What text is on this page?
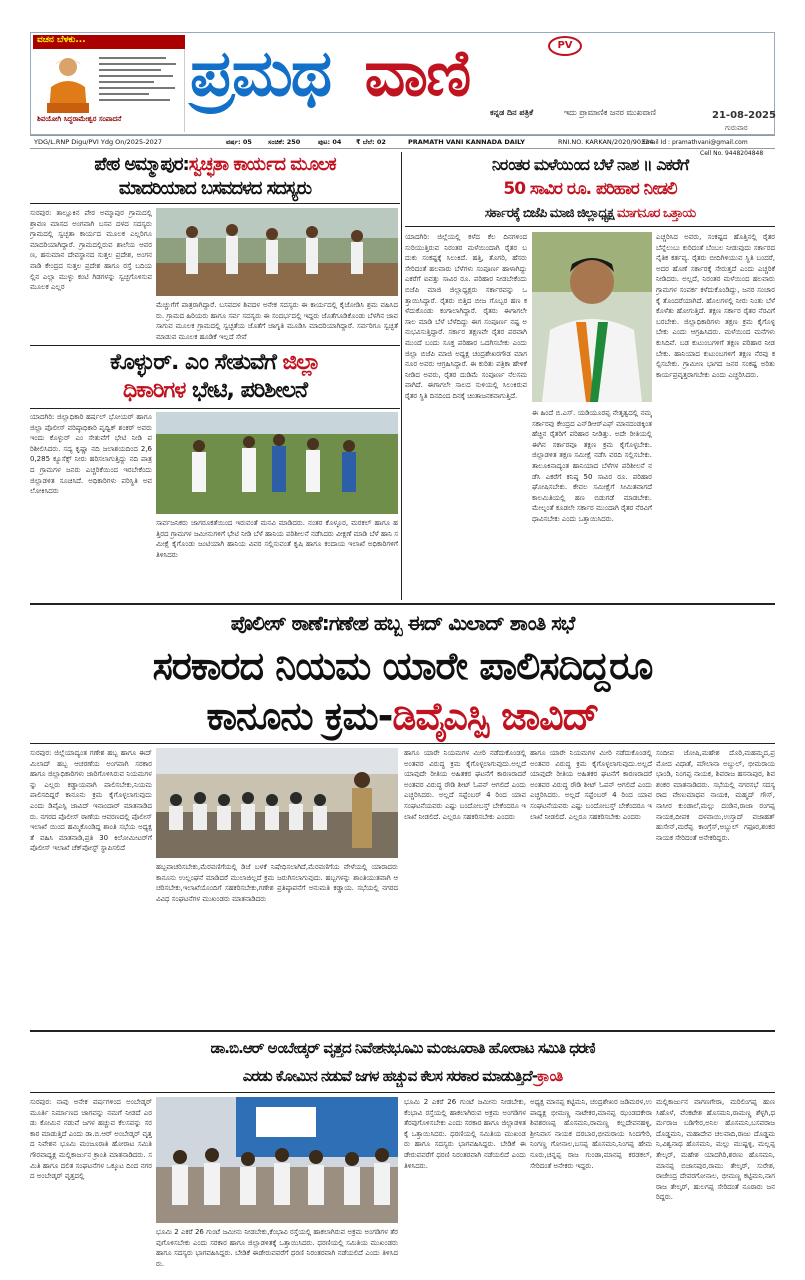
ವಚನ ಬೆಳಕು...
ಶಿವಯೋಗಿ ಸಿದ್ಧರಾಮೇಶ್ವರ ಸಂಪಾದನೆ
ಪ್ರಮಥ ವಾಣಿ	PV
ಕನ್ನಡ ದಿನ ಪತ್ರಿಕೆ	ಇದು ಪ್ರಾಮಾಣಿಕ ಜನರ ಮುಖವಾಣಿ	21-08-2025
ಗುರುವಾರ
YDG/L.RNP Digu/PVI Ydg On/2025-2027	ವರ್ಷ: 05 ಸಂಚಿಕೆ: 250	ಪುಟ: 04 ₹ ಬೆಲೆ: 02	PRAMATH VANI KANNADA DAILY	RNI.NO. KARKAN/2020/90324
Email Id : pramathvani@gmail.com
Cell No. 9448204848
ಪೇಠ ಅಮ್ಮಾಪುರ:ಸ್ವಚ್ಛತಾ ಕಾರ್ಯದ ಮೂಲಕ
ಮಾದರಿಯಾದ ಬಸವದಳದ ಸದಸ್ಯರು
ಸುರಪುರ: ತಾಲ್ಲೂಕಿನ ಪೇಠ ಅಮ್ಮಾಪುರ ಗ್ರಾಮದಲ್ಲಿ ಶ್ರಾವಣ ಮಾಸದ ಅಂಗವಾಗಿ ಬಸವ ದಳದ ಸದಸ್ಯರು ಗ್ರಾಮದಲ್ಲಿ ಸ್ವಚ್ಛತಾ ಕಾರ್ಯದ ಮೂಲಕ ಎಲ್ಲರಿಗೂ ಮಾದರಿಯಾಗಿದ್ದಾರೆ. ಗ್ರಾಮದಲ್ಲಿರುವ ಶಾಲೆಯ ಆವರಣ, ಹನುಮಾನ ದೇವಸ್ಥಾನದ ಸುತ್ತಲ ಪ್ರದೇಶ, ಅಂಗನವಾಡಿ ಕೇಂದ್ರದ ಸುತ್ತಲ ಪ್ರದೇಶ ಹಾಗೂ ರಸ್ತೆ ಬದಿಯಲ್ಲಿನ ಎಲ್ಲಾ ಮುಳ್ಳು ಕಂಟಿ ಗಿಡಗಳನ್ನು ಸ್ವಚ್ಛಗೊಳಿಸುವ ಮೂಲಕ ಎಲ್ಲರ
ಮೆಚ್ಚುಗೆಗೆ ಪಾತ್ರರಾಗಿದ್ದಾರೆ. ಬಸವದಳ ಶಿವದಳ ಅನೇಕ ಸದಸ್ಯರು ಈ ಕಾರ್ಯದಲ್ಲಿ ಕೈಜೋಡಿಸಿ ಶ್ರಮ ವಹಿಸಿದರು. ಗ್ರಾಮದ ಹಿರಿಯರು ಹಾಗೂ ಸರ್ವ ಸದಸ್ಯರು ಈ ಸಂದರ್ಭದಲ್ಲಿ ಇದ್ದರು ಜೊತೆಗೂಡಿಕೊಂಡು ಬೆಳಗಿನ ಜಾವ ಸಾಗುವ ಮೂಲಕ ಗ್ರಾಮದಲ್ಲಿ ಸ್ವಚ್ಛತೆಯ ಜೊತೆಗೆ ಜಾಗೃತಿ ಮೂಡಿಸಿ ಮಾದರಿಯಾಗಿದ್ದಾರೆ. ಸರ್ವರಿಗೂ ಸ್ವಚ್ಛತೆ ಮಾಡುವ ಮೂಲಕ ಹೂಡಿಕೆ ಇಲ್ಲದೆ ಸೇವೆ
ಕೊಳ್ಳುರ್. ಎಂ ಸೇತುವೆಗೆ ಜಿಲ್ಲಾ
ಧಿಕಾರಿಗಳ ಭೇಟಿ, ಪರಿಶೀಲನೆ
ಯಾದಗಿರಿ: ಜಿಲ್ಲಾಧಿಕಾರಿ ಹರ್ಷಲ್ ಭೋಯರ್ ಹಾಗೂ ಜಿಲ್ಲಾ ಪೊಲೀಸ್ ವರಿಷ್ಠಾಧಿಕಾರಿ ಪೃಥ್ವಿಕ್ ಶಂಕರ್ ಅವರು ಇಂದು ಕೊಳ್ಳುರ್ ಎಂ ಸೇತುವೆಗೆ ಭೇಟಿ ನೀಡಿ ಪರಿಶೀಲಿಸಿದರು. ಸದ್ಯ ಕೃಷ್ಣಾ ನದಿ ಜಲಾಶಯದಿಂದ 2,60,285 ಕ್ಯೂಸೆಕ್ಸ್ ನೀರು ಹರಿಸಲಾಗುತ್ತಿದ್ದು ನದಿ ಪಾತ್ರದ ಗ್ರಾಮಗಳ ಜನರು ಎಚ್ಚರಿಕೆಯಿಂದ ಇರಬೇಕೆಂದು ಜಿಲ್ಲಾಡಳಿತ ಸೂಚಿಸಿದೆ. ಅಧಿಕಾರಿಗಳು ಪರಿಸ್ಥಿತಿ ಅವಲೋಕಿಸಿದರು
ಸಾರ್ವಜನಿಕರು ಜಾಗರೂಕತೆಯಿಂದ ಇರುವಂತೆ ಮನವಿ ಮಾಡಿದರು. ನಂತರ ಕೊಳ್ಳೂರ, ಮರಕಲ್ ಹಾಗೂ ಹತ್ತಿರದ ಗ್ರಾಮಗಳ ಜಮೀನುಗಳಿಗೆ ಭೇಟಿ ನೀಡಿ ಬೆಳೆ ಹಾನಿಯ ಪರಿಶೀಲನೆ ನಡೆಸಿದರು ವೀಕ್ಷಣೆ ಮಾಡಿ ಬೆಳೆ ಹಾನಿ ಸಮೀಕ್ಷೆ ಕೈಗೊಂಡು ಜಂಟಿಯಾಗಿ ಹಾನಿಯ ವಿವರ ಸಲ್ಲಿಸುವಂತೆ ಕೃಷಿ ಹಾಗೂ ಕಂದಾಯ ಇಲಾಖೆ ಅಧಿಕಾರಿಗಳಿಗೆ ತಿಳಿಸಿದರು
ನಿರಂತರ ಮಳೆಯಿಂದ ಬೆಳೆ ನಾಶ ॥ ಎಕರೆಗೆ
50 ಸಾವಿರ ರೂ. ಪರಿಹಾರ ನೀಡಲಿ
ಸರ್ಕಾರಕ್ಕೆ ಬಿಜೆಪಿ ಮಾಜಿ ಜಿಲ್ಲಾಧ್ಯಕ್ಷ ಮಾಗನೂರ ಒತ್ತಾಯ
ಯಾದಗಿರಿ: ಜಿಲ್ಲೆಯಲ್ಲಿ ಕಳೆದ ಕೆಲ ದಿನಗಳಿಂದ ಸುರಿಯುತ್ತಿರುವ ನಿರಂತರ ಮಳೆಯಿಂದಾಗಿ ರೈತರ ಬದುಕು ಸಂಕಷ್ಟಕ್ಕೆ ಸಿಲುಕಿದೆ. ಹತ್ತಿ, ತೊಗರಿ, ಹೆಸರು ಸೇರಿದಂತೆ ಹಲವಾರು ಬೆಳೆಗಳು ಸಂಪೂರ್ಣ ಹಾಳಾಗಿದ್ದು ಎಕರೆಗೆ ಐವತ್ತು ಸಾವಿರ ರೂ. ಪರಿಹಾರ ನೀಡಬೇಕೆಂದು ಬಿಜೆಪಿ ಮಾಜಿ ಜಿಲ್ಲಾಧ್ಯಕ್ಷರು ಸರ್ಕಾರವನ್ನು ಒತ್ತಾಯಿಸಿದ್ದಾರೆ. ರೈತರು ಬಿತ್ತಿದ ಬೀಜ ಗೊಬ್ಬರ ಹಣ ಕಳೆದುಕೊಂಡು ಕಂಗಾಲಾಗಿದ್ದಾರೆ. ರೈತರು ಈಗಾಗಲೇ ಸಾಲ ಮಾಡಿ ಬೆಳೆ ಬೆಳೆದಿದ್ದು ಈಗ ಸಂಪೂರ್ಣ ನಷ್ಟ ಅನುಭವಿಸುತ್ತಿದ್ದಾರೆ. ಸರ್ಕಾರ ತಕ್ಷಣವೇ ರೈತರ ಪರವಾಗಿ ಮುಂದೆ ಬಂದು ಸೂಕ್ತ ಪರಿಹಾರ ಒದಗಿಸಬೇಕು ಎಂದು ಜಿಲ್ಲಾ ಬಿಜೆಪಿ ಮಾಜಿ ಅಧ್ಯಕ್ಷ ಚಂದ್ರಶೇಖರಗೌಡ ಮಾಗನೂರ ಅವರು ಆಗ್ರಹಿಸಿದ್ದಾರೆ. ಈ ಕುರಿತು ಪತ್ರಿಕಾ ಹೇಳಿಕೆ ನೀಡಿದ ಅವರು, ರೈತರ ದುಡಿಮೆ ಸಂಪೂರ್ಣ ನೆಲಸಮವಾಗಿದೆ. ಈಗಾಗಲೇ ಸಾಲದ ಸುಳಿಯಲ್ಲಿ ಸಿಲುಕಿರುವ ರೈತರ ಸ್ಥಿತಿ ದಿನದಿಂದ ದಿನಕ್ಕೆ ಚಿಂತಾಜನಕವಾಗುತ್ತಿದೆ.
ಈ ಹಿಂದೆ ಬಿ.ಎಸ್. ಯಡಿಯೂರಪ್ಪ ನೇತೃತ್ವದಲ್ಲಿ ನಮ್ಮ ಸರ್ಕಾರವು ಕೇಂದ್ರದ ಎನ್‌ಡಿಆರ್‌ಎಫ್ ಮಾನದಂಡಕ್ಕಿಂತ ಹೆಚ್ಚಿನ ರೈತರಿಗೆ ಪರಿಹಾರ ನೀಡಿತ್ತು. ಅದೇ ರೀತಿಯಲ್ಲಿ ಈಗಿನ ಸರ್ಕಾರವೂ ತಕ್ಷಣ ಕ್ರಮ ಕೈಗೊಳ್ಳಬೇಕು. ಜಿಲ್ಲಾಡಳಿತ ತಕ್ಷಣ ಸಮೀಕ್ಷೆ ನಡೆಸಿ ವರದಿ ಸಲ್ಲಿಸಬೇಕು. ತಾಲೂಕಿನಾದ್ಯಂತ ಹಾನಿಯಾದ ಬೆಳೆಗಳ ಪರಿಶೀಲನೆ ನಡೆಸಿ ಎಕರೆಗೆ ಕನಿಷ್ಠ 50 ಸಾವಿರ ರೂ. ಪರಿಹಾರ ಘೋಷಿಸಬೇಕು. ಕೇವಲ ಸಮೀಕ್ಷೆಗೆ ಸೀಮಿತವಾಗದೆ ಕಾಲಮಿತಿಯಲ್ಲಿ ಹಣ ಬಿಡುಗಡೆ ಮಾಡಬೇಕು. ಮೇಲ್ನಂತೆ ಕೂಡಲೇ ಸರ್ಕಾರ ಮುಂದಾಗಿ ರೈತರ ನೆರವಿಗೆ ಧಾವಿಸಬೇಕು ಎಂದು ಒತ್ತಾಯಿಸಿದರು.
ಎಚ್ಚರಿಸಿದ ಅವರು, ಸಂಕಷ್ಟದ ಹೊತ್ತಿನಲ್ಲಿ ರೈತರ ಬೆನ್ನೆಲುಬು ಕುರಿದಂತೆ ಬೆಂಬಲ ನೀಡುವುದು ಸರ್ಕಾರದ ನೈತಿಕ ಕರ್ತವ್ಯ. ರೈತರು ಬೀದಿಗಿಳಿಯುವ ಸ್ಥಿತಿ ಬಂದರೆ, ಅದರ ಹೊಣೆ ಸರ್ಕಾರಕ್ಕೆ ಸೇರುತ್ತದೆ ಎಂದು ಎಚ್ಚರಿಕೆ ನೀಡಿದರು. ಅಲ್ಲದೆ, ನಿರಂತರ ಮಳೆಯಿಂದ ಹಲವಾರು ಗ್ರಾಮಗಳ ಸಂಪರ್ಕ ಕಳೆದುಕೊಂಡಿದ್ದು, ಜನರ ಸಂಚಾರಕ್ಕೆ ತೊಂದರೆಯಾಗಿದೆ. ಹೊಲಗಳಲ್ಲಿ ನೀರು ನಿಂತು ಬೆಳೆ ಕೊಳೆತು ಹೋಗುತ್ತಿದೆ. ತಕ್ಷಣ ಸರ್ಕಾರ ರೈತರ ನೆರವಿಗೆ ಬರಬೇಕು. ಜಿಲ್ಲಾಧಿಕಾರಿಗಳು ತಕ್ಷಣ ಕ್ರಮ ಕೈಗೊಳ್ಳಬೇಕು ಎಂದು ಆಗ್ರಹಿಸಿದರು. ಮಳೆಯಿಂದ ಮನೆಗಳು ಕುಸಿದಿವೆ. ಬಡ ಕುಟುಂಬಗಳಿಗೆ ತಕ್ಷಣ ಪರಿಹಾರ ನೀಡಬೇಕು. ಹಾನಿಯಾದ ಕುಟುಂಬಗಳಿಗೆ ತಕ್ಷಣ ನೆರವು ಕಲ್ಪಿಸಬೇಕು. ಗ್ರಾಮೀಣ ಭಾಗದ ಜನರ ಸಂಕಷ್ಟ ಅರಿತು ಕಾರ್ಯಪ್ರವೃತ್ತರಾಗಬೇಕು ಎಂದು ಎಚ್ಚರಿಸಿದರು.
ಪೊಲೀಸ್ ಠಾಣೆ:ಗಣೇಶ ಹಬ್ಬ ಈದ್ ಮಿಲಾದ್ ಶಾಂತಿ ಸಭೆ
ಸರಕಾರದ ನಿಯಮ ಯಾರೇ ಪಾಲಿಸದಿದ್ದರೂ
ಕಾನೂನು ಕ್ರಮ-ಡಿವೈಎಸ್ಪಿ ಜಾವಿದ್
ಸುರಪುರ: ಜಿಲ್ಲೆಯಾದ್ಯಂತ ಗಣೇಶ ಹಬ್ಬ ಹಾಗೂ ಈದ್ ಮಿಲಾದ್ ಹಬ್ಬ ಆಚರಣೆಯ ಅಂಗವಾಗಿ ಸರಕಾರ ಹಾಗೂ ಜಿಲ್ಲಾಧಿಕಾರಿಗಳು ಜಾರಿಗೊಳಿಸಿರುವ ನಿಯಮಗಳನ್ನು ಎಲ್ಲರು ಕಡ್ಡಾಯವಾಗಿ ಪಾಲಿಸಬೇಕು,ನಿಯಮ ಪಾಲಿಸದಿದ್ದರೆ ಕಾನೂನು ಕ್ರಮ ಕೈಗೊಳ್ಳಲಾಗುವುದು ಎಂದು ಡಿವೈಎಸ್ಪಿ ಜಾವಿದ್ ಇನಾಂದಾರ್ ಮಾತನಾಡಿದರು. ನಗರದ ಪೊಲೀಸ್ ಠಾಣೆಯ ಆವರಣದಲ್ಲಿ ಪೊಲೀಸ್ ಇಲಾಖೆ ಯಿಂದ ಹಮ್ಮಿಕೊಂಡಿದ್ದ ಶಾಂತಿ ಸಭೆಯ ಅಧ್ಯಕ್ಷತೆ ವಹಿಸಿ ಮಾತನಾಡಿ,ಪ್ರತಿ 30 ಕಿಲೋಮೀಟರ್‌ಗೆ ಪೊಲೀಸ್ ಇಲಾಖೆ ಚೆಕ್‌ಪೋಸ್ಟ್ ಸ್ಥಾಪಿಸಲಿದೆ
ಹಬ್ಬವಾಚರಿಸಬೇಕು,ಮೆರವಣಿಗೆಯಲ್ಲಿ ಡಿಜೆ ಬಳಕೆ ನಿಷೇಧಿಸಲಾಗಿದೆ,ಮೆರವಣಿಗೆಯ ವೇಳೆಯಲ್ಲಿ ಯಾರಾದರು ಕಾನೂನು ಉಲ್ಲಂಘನೆ ಮಾಡಿದರೆ ಮುಲಾಜಿಲ್ಲದೆ ಕ್ರಮ ಜರುಗಿಸಲಾಗುವುದು. ಹಬ್ಬಗಳನ್ನು ಶಾಂತಿಯುತವಾಗಿ ಆಚರಿಸಬೇಕು,ಇಲಾಖೆಯೊಂದಿಗೆ ಸಹಕರಿಸಬೇಕು,ಗಣೇಶ ಪ್ರತಿಷ್ಠಾಪನೆಗೆ ಅನುಮತಿ ಕಡ್ಡಾಯ. ಸಭೆಯಲ್ಲಿ ನಗರದ ವಿವಿಧ ಸಂಘಟನೆಗಳ ಮುಖಂಡರು ಮಾತನಾಡಿದರು
ಹಾಗೂ ಯಾರೇ ನಿಯಮಗಳ ಮೀರಿ ನಡೆದುಕೊಂಡಲ್ಲಿ ಅಂತವರ ವಿರುದ್ಧ ಕ್ರಮ ಕೈಗೊಳ್ಳಲಾಗುವುದು.ಅಲ್ಲದೆ ಯಾವುದೇ ರೀತಿಯ ಅಹಿತಕರ ಘಟನೆಗೆ ಕಾರಣರಾದರೆ ಅಂತವರ ವಿರುದ್ಧ ರೌಡಿ ಶೀಟ್ ಓಪನ್ ಆಗಲಿದೆ ಎಂದು ಎಚ್ಚರಿಸಿದರು. ಅಲ್ಲದೆ ಸಪ್ಟೆಂಬರ್ 4 ರಿಂದ ಯಾವ ಸಂಘಟನೆಯವರು ಎಷ್ಟು ಬಂದೋಬಸ್ತ್ ಬೇಕೆಂದರೂ ಇಲಾಖೆ ನೀಡಲಿದೆ. ಎಲ್ಲರೂ ಸಹಕರಿಸಬೇಕು ಎಂದರು
ಹಾಗೂ ಯಾರೇ ನಿಯಮಗಳ ಮೀರಿ ನಡೆದುಕೊಂಡಲ್ಲಿ ಅಂತವರ ವಿರುದ್ಧ ಕ್ರಮ ಕೈಗೊಳ್ಳಲಾಗುವುದು.ಅಲ್ಲದೆ ಯಾವುದೇ ರೀತಿಯ ಅಹಿತಕರ ಘಟನೆಗೆ ಕಾರಣರಾದರೆ ಅಂತವರ ವಿರುದ್ಧ ರೌಡಿ ಶೀಟ್ ಓಪನ್ ಆಗಲಿದೆ ಎಂದು ಎಚ್ಚರಿಸಿದರು. ಅಲ್ಲದೆ ಸಪ್ಟೆಂಬರ್ 4 ರಿಂದ ಯಾವ ಸಂಘಟನೆಯವರು ಎಷ್ಟು ಬಂದೋಬಸ್ತ್ ಬೇಕೆಂದರೂ ಇಲಾಖೆ ನೀಡಲಿದೆ. ಎಲ್ಲರೂ ಸಹಕರಿಸಬೇಕು ಎಂದರು
ಸಂದೀಪ ಜೋಷಿ,ಮಹೇಶ ದೊರಿ,ಮಹಮ್ಮದ,ಪ್ರಮೋದ ವಿಧಾತೆ, ಮೌಲಾನಾ ಅಬ್ದುಲ್, ಭೀಮರಾಯ ಭಾಂಡಿ, ನಿಂಗಪ್ಪ ನಾಯಕ, ಶಿವರಾಜ ಹಸನಾಪುರ, ಶಿವಶಂಕರ ಮಾತನಾಡಿದರು. ಸಭೆಯಲ್ಲಿ ನಗರಸಭೆ ಸದಸ್ಯರಾದ ವೇಣುಮಾಧವ ನಾಯಕ, ಮಹ್ಮದ್ ಗೌಸ್,ನಾಸೀರ ಕುಂಡಾಲೆ,ಮಲ್ಲು ದಂಡಿನ,ರಾಜಾ ರಂಗಪ್ಪ ನಾಯಕ,ದೀಪಕ ದಳವಾಯಿ,ಉಸ್ತಾದ್ ವಜಾಹತ್ ಹುಸೇನ್,ಮರೆಪ್ಪ ಕಾಂಗ್ರೆಸ್,ಅಬ್ದುಲ್ ಗಫೂರ,ಶಂಕರ ನಾಯಕ ಸೇರಿದಂತೆ ಅನೇಕರಿದ್ದರು.
ಡಾ.ಬಿ.ಆರ್ ಅಂಬೇಡ್ಕರ್ ವೃತ್ತದ ನಿವೇಶನಭೂಮಿ ಮಂಜೂರಾತಿ ಹೋರಾಟ ಸಮಿತಿ ಧರಣಿ
ಎರಡು ಕೋಮಿನ ನಡುವೆ ಜಗಳ ಹಚ್ಚುವ ಕೆಲಸ ಸರಕಾರ ಮಾಡುತ್ತಿದೆ-ಕ್ರಾಂತಿ
ಸುರಪುರ: ನಾವು ಅನೇಕ ವರ್ಷಗಳಿಂದ ಅಂಬೇಡ್ಕರ್ ಮೂರ್ತಿ ನಿರ್ಮಾಣದ ಜಾಗವನ್ನು ನಮಗೆ ನೀಡದೆ ಎರಡು ಕೋಮಿನ ನಡುವೆ ಜಗಳ ಹಚ್ಚುವ ಕೆಲಸವನ್ನು ಸರಕಾರ ಮಾಡುತ್ತಿದೆ ಎಂದು ಡಾ.ಬಿ.ಆರ್ ಅಂಬೇಡ್ಕರ್ ವೃತ್ತದ ನಿವೇಶನ ಭೂಮಿ ಮಂಜೂರಾತಿ ಹೋರಾಟ ಸಮಿತಿ ಗೌರವಾಧ್ಯಕ್ಷ ಮಲ್ಲಿಕಾರ್ಜುನ ಕ್ರಾಂತಿ ಮಾತನಾಡಿದರು. ಸಮಿತಿ ಹಾಗೂ ದಲಿತ ಸಂಘಟನೆಗಳ ಒಕ್ಕೂಟ ದಿಂದ ನಗರದ ಅಂಬೇಡ್ಕರ್ ವೃತ್ತದಲ್ಲಿ
ಭೂಮಿ 2 ಎಕರೆ 26 ಗುಂಟೆ ಜಮೀನು ನೀಡಬೇಕು,ಕೆಂಭಾವಿ ರಸ್ತೆಯಲ್ಲಿ ಹಾಕಲಾಗಿರುವ ಅಕ್ರಮ ಅಂಗಡಿಗಳ ತೆರವುಗೊಳಿಸಬೇಕು ಎಂದು ಸರಕಾರ ಹಾಗೂ ಜಿಲ್ಲಾಡಳಿತಕ್ಕೆ ಒತ್ತಾಯಿಸಿದರು. ಧರಣಿಯಲ್ಲಿ ಸಮಿತಿಯ ಮುಖಂಡರು ಹಾಗೂ ಸದಸ್ಯರು ಭಾಗವಹಿಸಿದ್ದರು. ಬೇಡಿಕೆ ಈಡೇರುವವರೆಗೆ ಧರಣಿ ನಿರಂತರವಾಗಿ ನಡೆಯಲಿದೆ ಎಂದು ತಿಳಿಸಿದರು.
ಭೂಮಿ 2 ಎಕರೆ 26 ಗುಂಟೆ ಜಮೀನು ನೀಡಬೇಕು,ಕೆಂಭಾವಿ ರಸ್ತೆಯಲ್ಲಿ ಹಾಕಲಾಗಿರುವ ಅಕ್ರಮ ಅಂಗಡಿಗಳ ತೆರವುಗೊಳಿಸಬೇಕು ಎಂದು ಸರಕಾರ ಹಾಗೂ ಜಿಲ್ಲಾಡಳಿತಕ್ಕೆ ಒತ್ತಾಯಿಸಿದರು. ಧರಣಿಯಲ್ಲಿ ಸಮಿತಿಯ ಮುಖಂಡರು ಹಾಗೂ ಸದಸ್ಯರು ಭಾಗವಹಿಸಿದ್ದರು. ಬೇಡಿಕೆ ಈಡೇರುವವರೆಗೆ ಧರಣಿ ನಿರಂತರವಾಗಿ ನಡೆಯಲಿದೆ ಎಂದು ತಿಳಿಸಿದರು.
ಅಧ್ಯಕ್ಷ ಮಾನಪ್ಪ ಕಟ್ಟಿಮನಿ, ಚಂದ್ರಶೇಖರ ಜಡಿಮರಳ,ಉಪಾಧ್ಯಕ್ಷ ಭೀಮಣ್ಣ ನಾಟೇಕರ,ಮಾನಪ್ಪ ಝಂಡದಕೇರಾ ಶಿವಶರಣಪ್ಪ ಹೊಸಮನಿ,ರಾಮಣ್ಣ ಕಲ್ಲದೇವನಹಳ್ಳಿ,ಶ್ರೀನಿವಾಸ ನಾಯಕ ದರಬಾರ,ಭೀಮರಾಯ ಸಿಂದಗೇರಿ,ನಿಂಗಣ್ಣ ಗೋನಾಲ,ಬಸಪ್ಪ ಹೊಸಮನಿ,ನಿಂಗಪ್ಪ ಹೇಮನೂರು,ಚನ್ನಪ್ಪ ರಾಜ ಗುಂಡಾ,ಮಾನಪ್ಪ ಕರಡಕಲ್,ಸೇರಿದಂತೆ ಅನೇಕರು ಇದ್ದರು.
ಮಲ್ಲಿಕಾರ್ಜುನ ವಾಗಣಗೇರಾ, ಮರಿಲಿಂಗಪ್ಪ ಹುಣಸಿಹೊಳೆ, ವೆಂಕಟೇಶ ಹೊಸಮನಿ,ರಾಮಣ್ಣ ಶೆಳ್ಳಗಿ,ಧರ್ಮರಾಜ ಬಡಿಗೇರ,ಅನಿಲ ಹೊಸಮನಿ,ಬಸವರಾಜ ದೊಡ್ಡಮನಿ, ಮಹಾದೇವ ಚಲವಾದಿ,ರಾಜು ದೊಡ್ಡಮನಿ,ವಿಶ್ವನಾಥ ಹೊಸಮನಿ, ಮಲ್ಲು ಮುಷ್ಟಳ್ಳಿ, ಮಲ್ಲಪ್ಪ ತೇಲ್ಕರ್, ಮಹೇಶ ಯಾದಗಿರಿ,ಶರಣು ಹೊಸಮನಿ, ಮಾನಪ್ಪ ಬಿಜಾಸಪುರ,ರಾಮು ತೇಲ್ಕರ್, ಸುರೇಶ, ರಾಜೇಂದ್ರ ದೇವರಗೋನಾಲ, ಭೀಮಣ್ಣ ಕಟ್ಟಿಮನಿ,ನಾಗರಾಜ ತೇಲ್ಕರ್, ಹುಲಗಪ್ಪ ಸೇರಿದಂತೆ ನೂರಾರು ಜನರಿದ್ದರು.
